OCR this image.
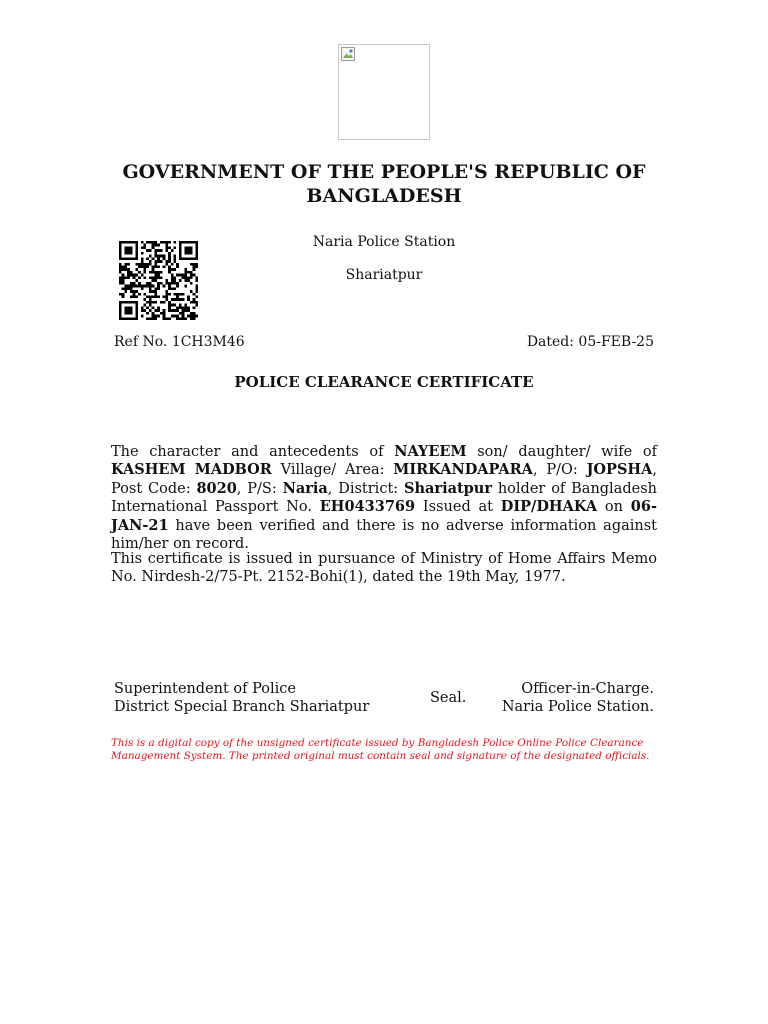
GOVERNMENT OF THE PEOPLE'S REPUBLIC OF BANGLADESH
Naria Police Station
Shariatpur
Ref No. 1CH3M46	Dated: 05-FEB-25
POLICE CLEARANCE CERTIFICATE

The character and antecedents of NAYEEM son/ daughter/ wife of KASHEM MADBOR Village/ Area: MIRKANDAPARA, P/O: JOPSHA, Post Code: 8020, P/S: Naria, District: Shariatpur holder of Bangladesh International Passport No. EH0433769 Issued at DIP/DHAKA on 06-JAN-21 have been verified and there is no adverse information against him/her on record.

This certificate is issued in pursuance of Ministry of Home Affairs Memo No. Nirdesh-2/75-Pt. 2152-Bohi(1), dated the 19th May, 1977.

Superintendent of Police
District Special Branch Shariatpur
Seal.
Officer-in-Charge.
Naria Police Station.

This is a digital copy of the unsigned certificate issued by Bangladesh Police Online Police Clearance Management System. The printed original must contain seal and signature of the designated officials.
